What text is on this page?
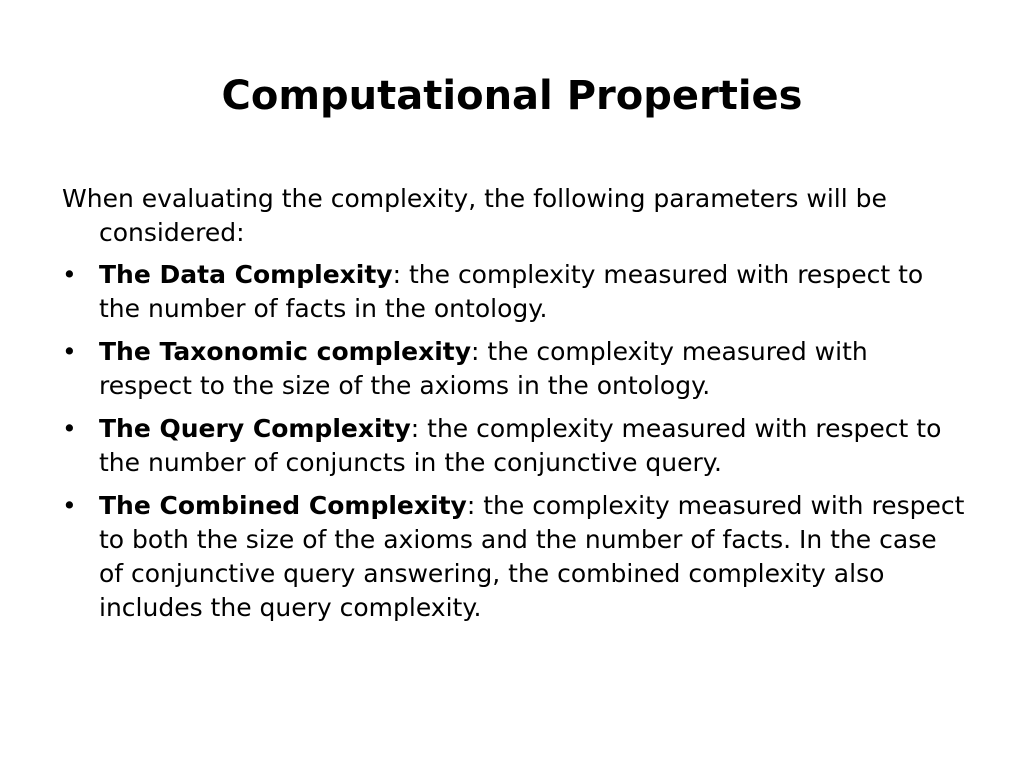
Computational Properties

When evaluating the complexity, the following parameters will be considered:

• The Data Complexity: the complexity measured with respect to the number of facts in the ontology.
• The Taxonomic complexity: the complexity measured with respect to the size of the axioms in the ontology.
• The Query Complexity: the complexity measured with respect to the number of conjuncts in the conjunctive query.
• The Combined Complexity: the complexity measured with respect to both the size of the axioms and the number of facts. In the case of conjunctive query answering, the combined complexity also includes the query complexity.
